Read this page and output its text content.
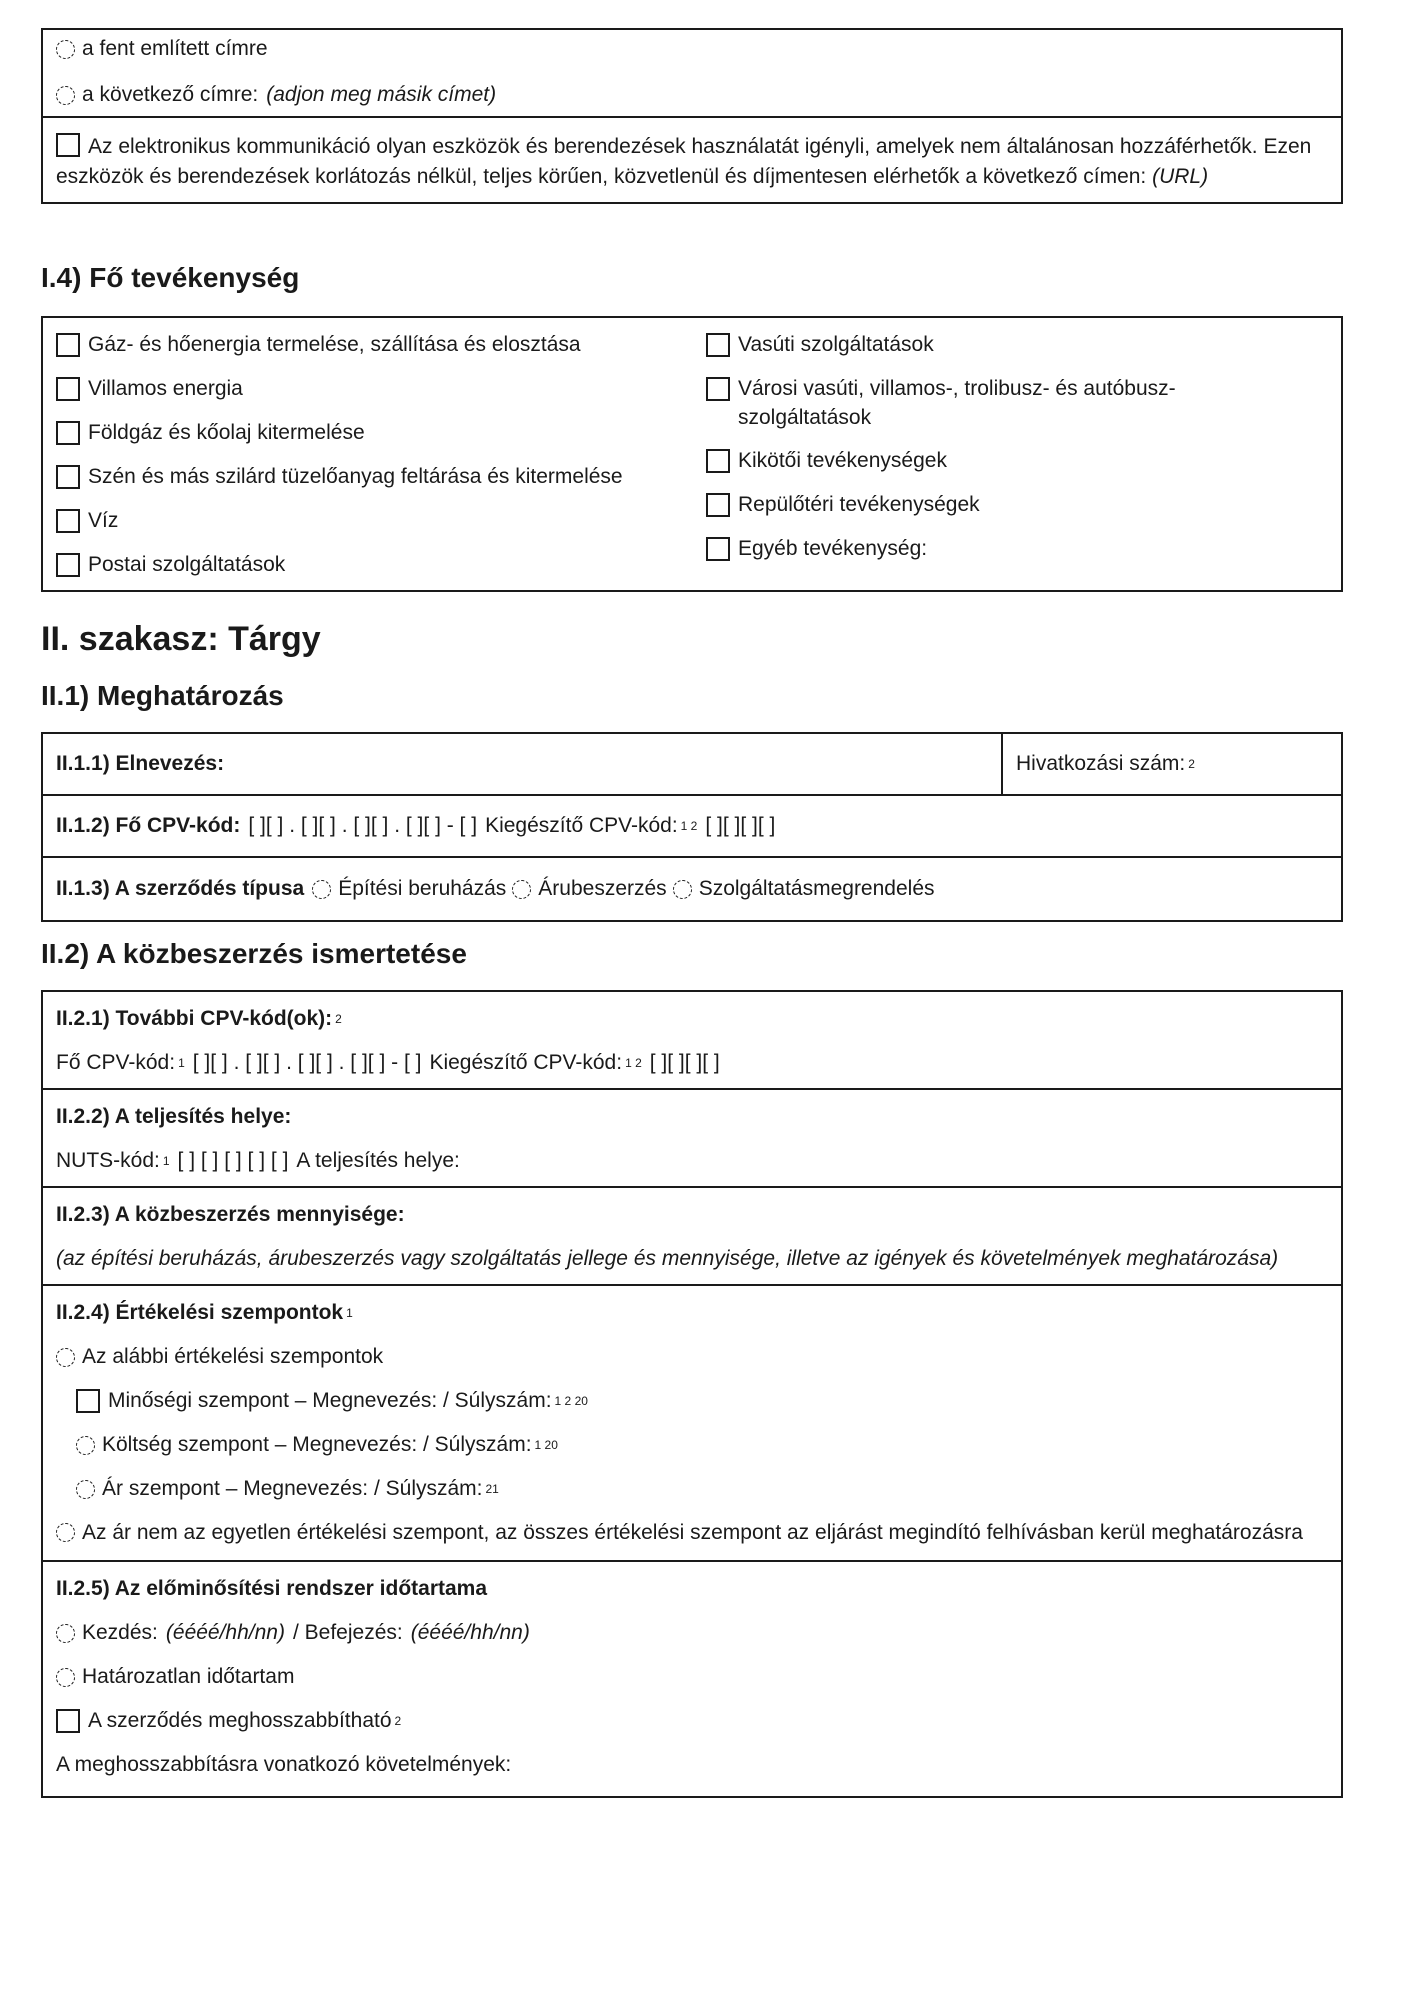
a fent említett címre
a következő címre: (adjon meg másik címet)
Az elektronikus kommunikáció olyan eszközök és berendezések használatát igényli, amelyek nem általánosan hozzáférhetők. Ezen eszközök és berendezések korlátozás nélkül, teljes körűen, közvetlenül és díjmentesen elérhetők a következő címen: (URL)
I.4) Fő tevékenység
Gáz- és hőenergia termelése, szállítása és elosztása
Villamos energia
Földgáz és kőolaj kitermelése
Szén és más szilárd tüzelőanyag feltárása és kitermelése
Víz
Postai szolgáltatások
Vasúti szolgáltatások
Városi vasúti, villamos-, trolibusz- és autóbusz-szolgáltatások
Kikötői tevékenységek
Repülőtéri tevékenységek
Egyéb tevékenység:
II. szakasz: Tárgy
II.1) Meghatározás
II.1.1) Elnevezés:	Hivatkozási szám: 2
II.1.2) Fő CPV-kód: [ ][ ] . [ ][ ] . [ ][ ] . [ ][ ] - [ ] Kiegészítő CPV-kód: 1 2 [ ][ ][ ][ ]
II.1.3) A szerződés típusa Építési beruházás Árubeszerzés Szolgáltatásmegrendelés
II.2) A közbeszerzés ismertetése
II.2.1) További CPV-kód(ok): 2
Fő CPV-kód: 1 [ ][ ] . [ ][ ] . [ ][ ] . [ ][ ] - [ ] Kiegészítő CPV-kód: 1 2 [ ][ ][ ][ ]
II.2.2) A teljesítés helye:
NUTS-kód: 1 [ ] [ ] [ ] [ ] [ ] A teljesítés helye:
II.2.3) A közbeszerzés mennyisége:
(az építési beruházás, árubeszerzés vagy szolgáltatás jellege és mennyisége, illetve az igények és követelmények meghatározása)
II.2.4) Értékelési szempontok 1
Az alábbi értékelési szempontok
Minőségi szempont – Megnevezés: / Súlyszám: 1 2 20
Költség szempont – Megnevezés: / Súlyszám: 1 20
Ár szempont – Megnevezés: / Súlyszám: 21
Az ár nem az egyetlen értékelési szempont, az összes értékelési szempont az eljárást megindító felhívásban kerül meghatározásra
II.2.5) Az előminősítési rendszer időtartama
Kezdés: (éééé/hh/nn) / Befejezés: (éééé/hh/nn)
Határozatlan időtartam
A szerződés meghosszabbítható 2
A meghosszabbításra vonatkozó követelmények:
